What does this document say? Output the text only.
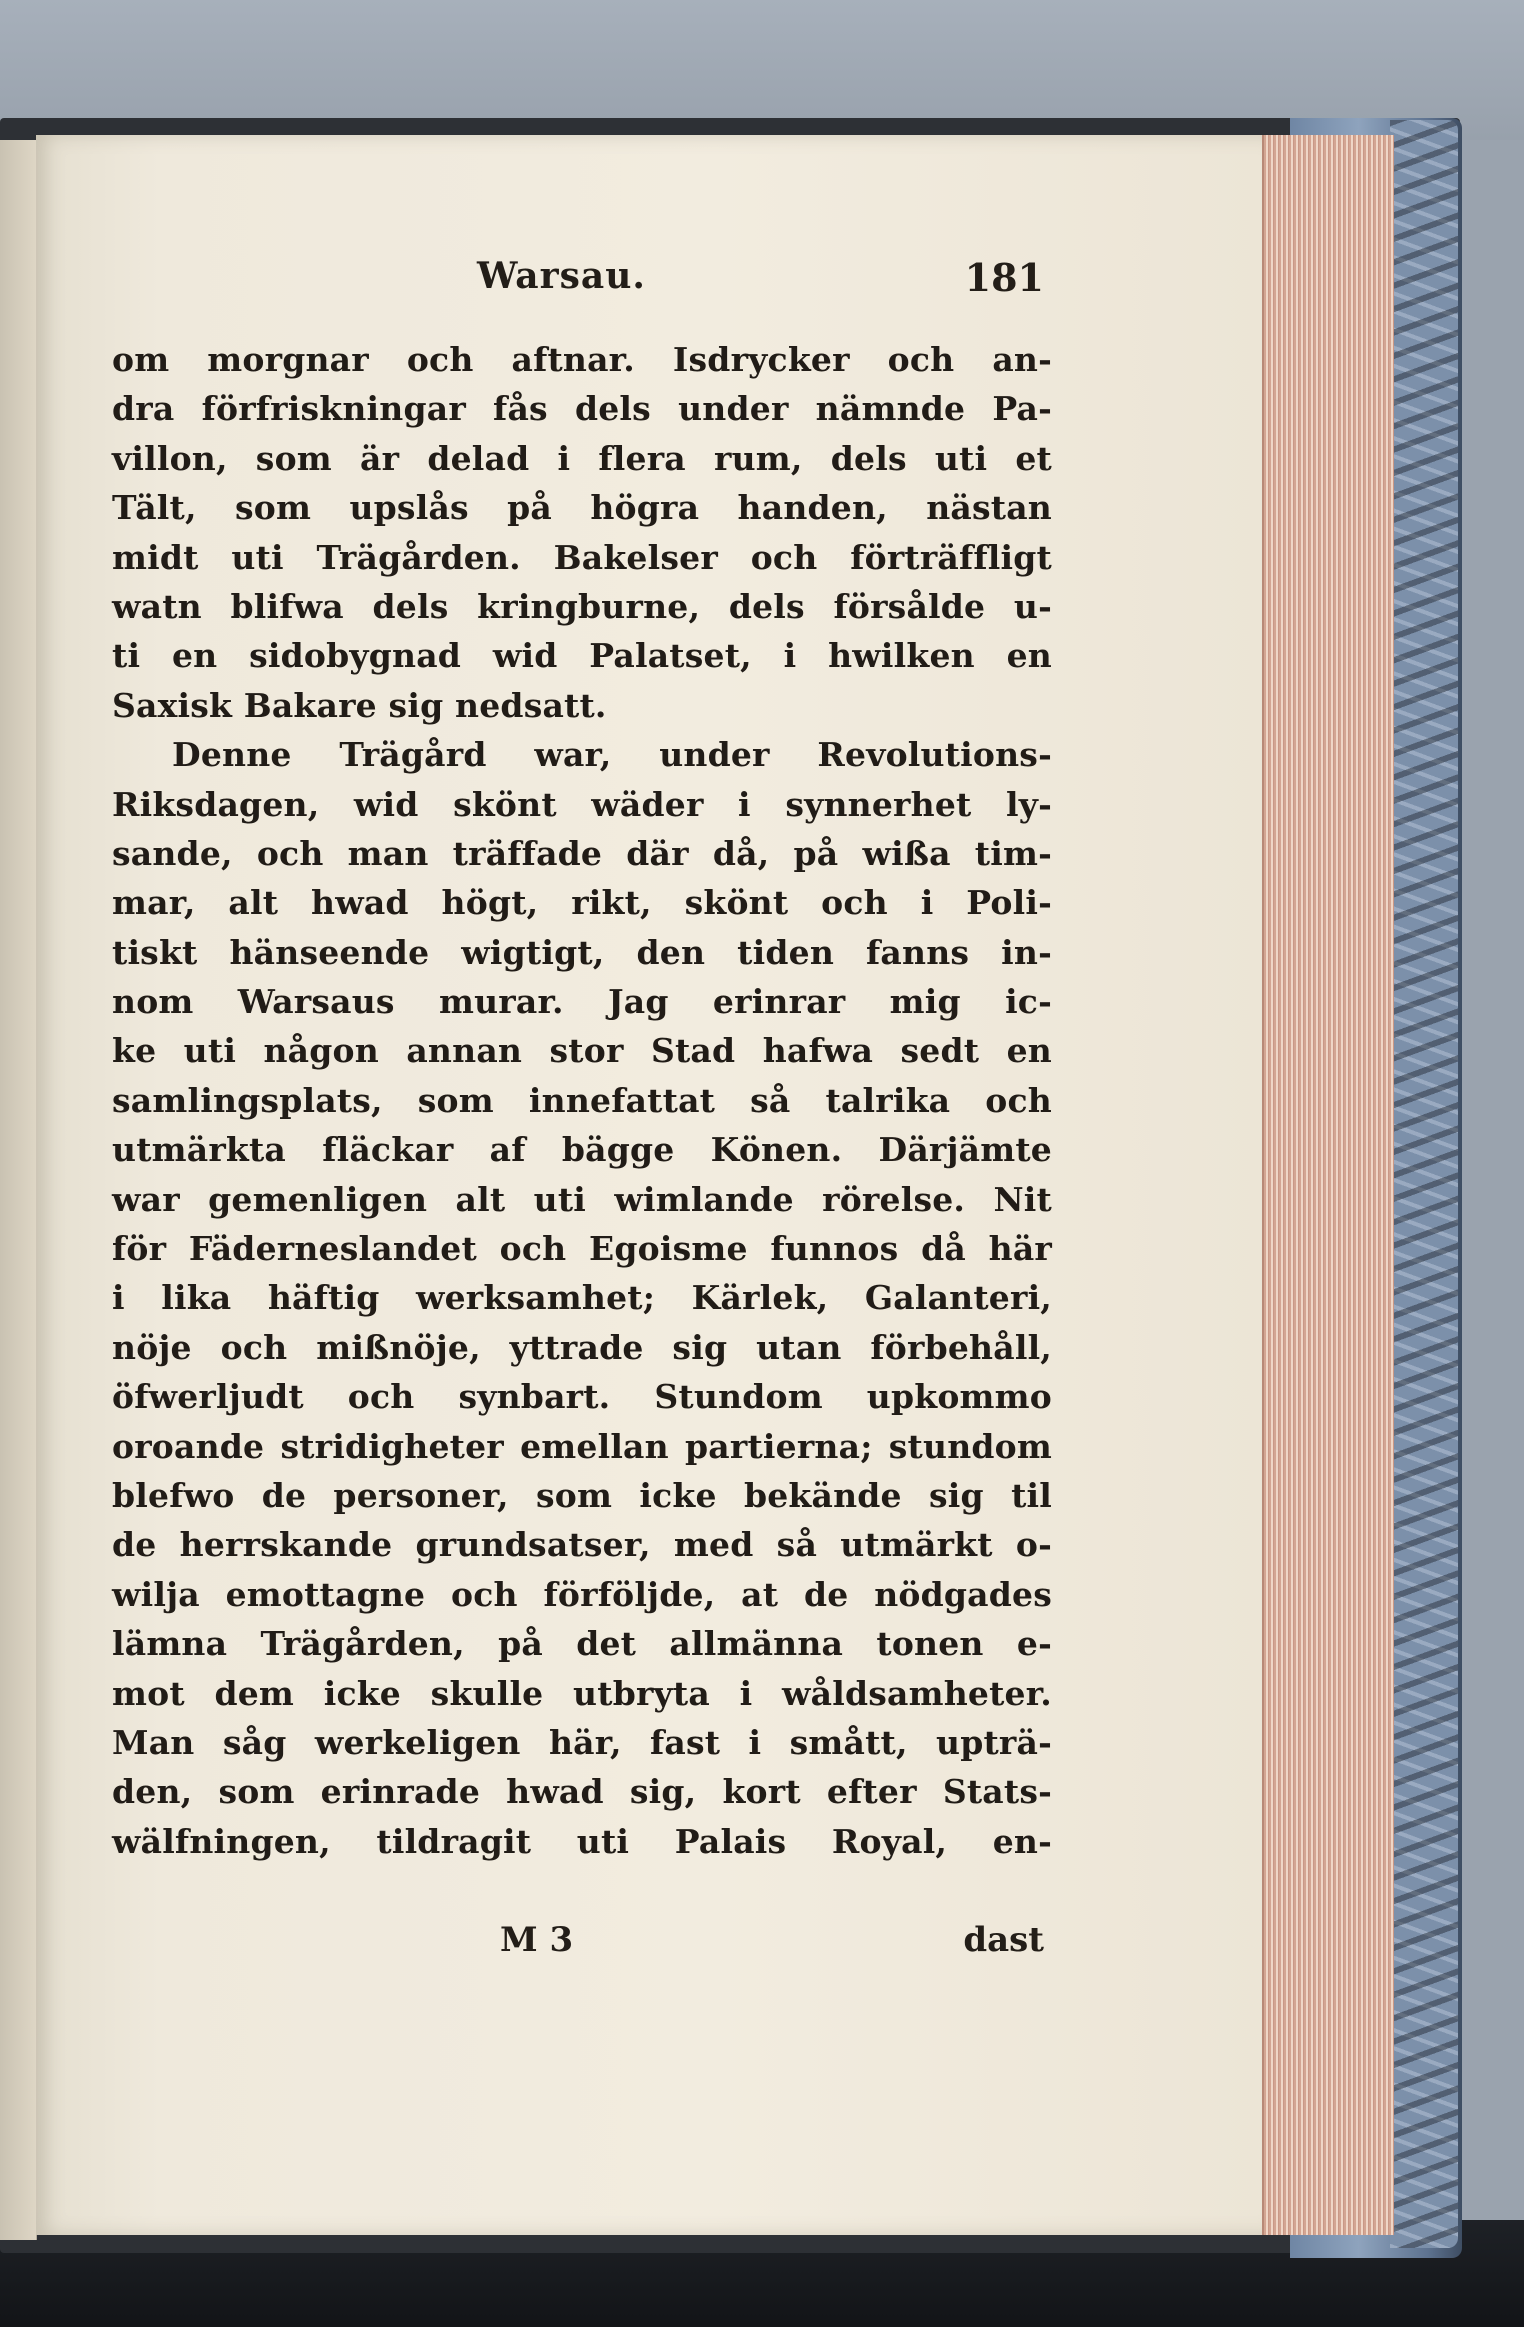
Warsau.	181
om morgnar och aftnar. Isdrycker och an-
dra förfriskningar fås dels under nämnde Pa-
villon, som är delad i flera rum, dels uti et
Tält, som upslås på högra handen, nästan
midt uti Trägården. Bakelser och förträffligt
watn blifwa dels kringburne, dels försålde u-
ti en sidobygnad wid Palatset, i hwilken en
Saxisk Bakare sig nedsatt.
Denne Trägård war, under Revolutions-
Riksdagen, wid skönt wäder i synnerhet ly-
sande, och man träffade där då, på wißa tim-
mar, alt hwad högt, rikt, skönt och i Poli-
tiskt hänseende wigtigt, den tiden fanns in-
nom Warsaus murar. Jag erinrar mig ic-
ke uti någon annan stor Stad hafwa sedt en
samlingsplats, som innefattat så talrika och
utmärkta fläckar af bägge Könen. Därjämte
war gemenligen alt uti wimlande rörelse. Nit
för Fäderneslandet och Egoisme funnos då här
i lika häftig werksamhet; Kärlek, Galanteri,
nöje och mißnöje, yttrade sig utan förbehåll,
öfwerljudt och synbart. Stundom upkommo
oroande stridigheter emellan partierna; stundom
blefwo de personer, som icke bekände sig til
de herrskande grundsatser, med så utmärkt o-
wilja emottagne och förföljde, at de nödgades
lämna Trägården, på det allmänna tonen e-
mot dem icke skulle utbryta i wåldsamheter.
Man såg werkeligen här, fast i smått, upträ-
den, som erinrade hwad sig, kort efter Stats-
wälfningen, tildragit uti Palais Royal, en-
M 3	dast
